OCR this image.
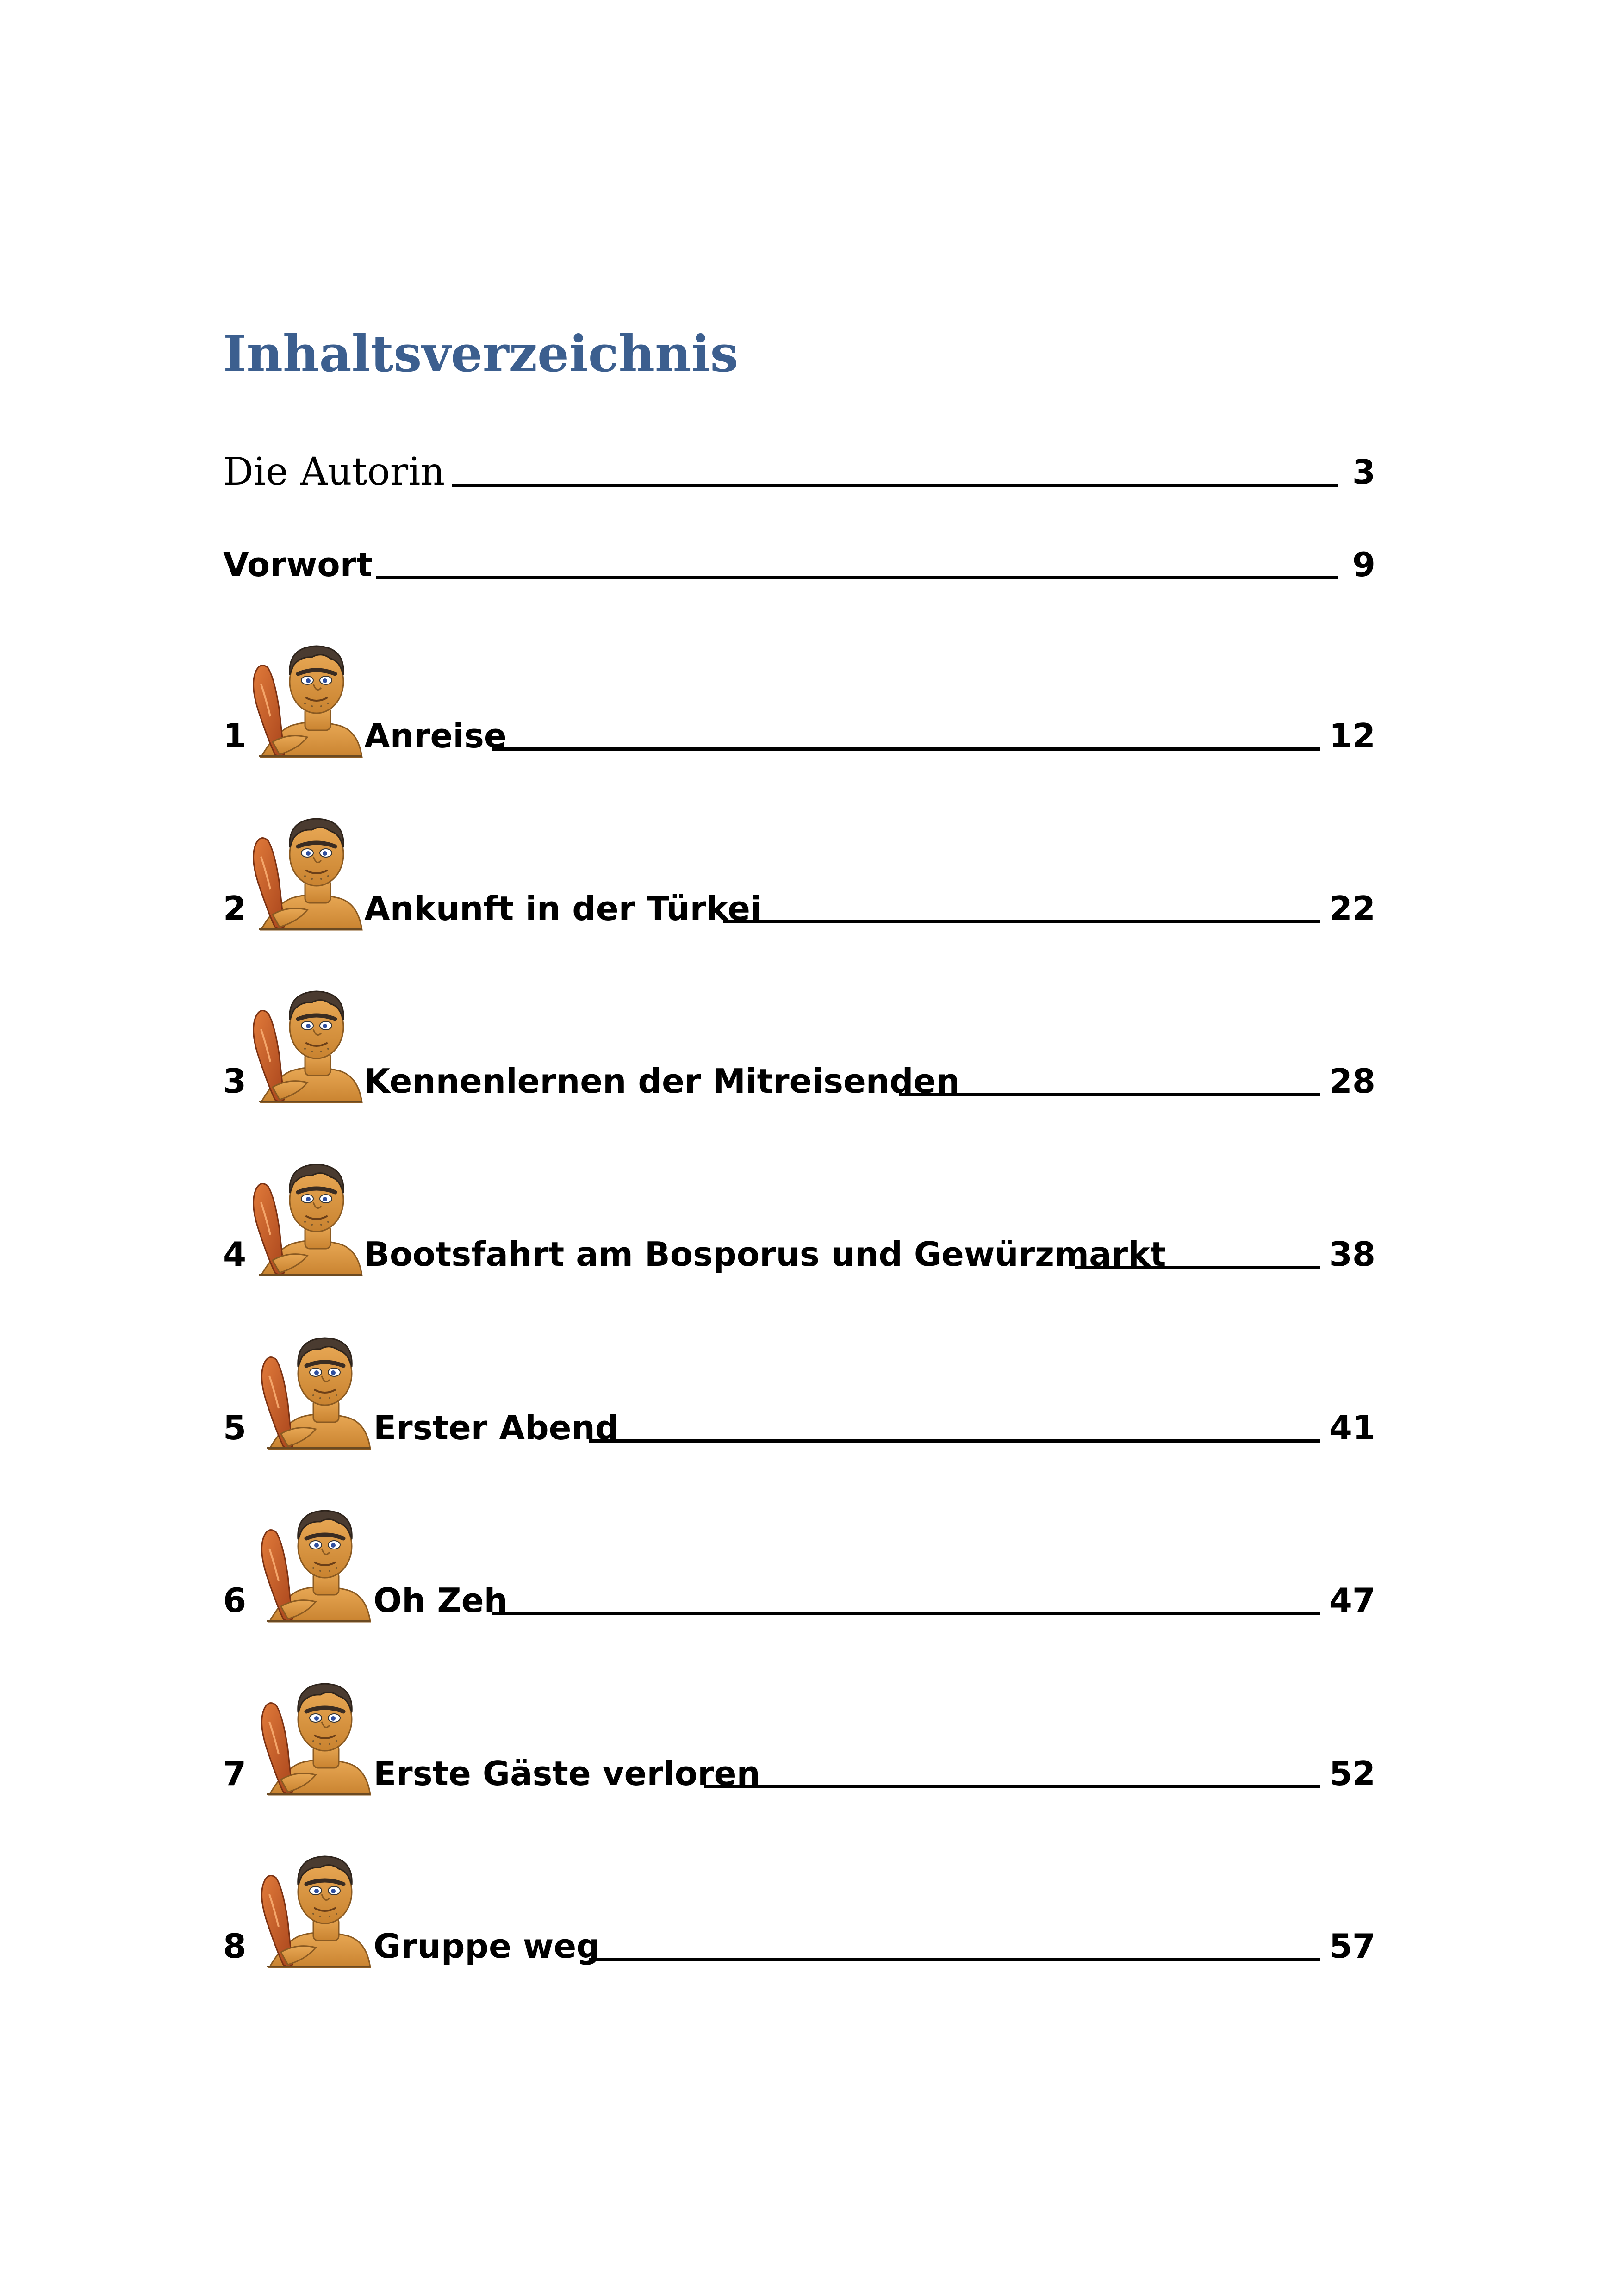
Inhaltsverzeichnis
Die Autorin	3
Vorwort	9
1	Anreise	12
2	Ankunft in der Türkei	22
3	Kennenlernen der Mitreisenden	28
4	Bootsfahrt am Bosporus und Gewürzmarkt	38
5	Erster Abend	41
6	Oh Zeh	47
7	Erste Gäste verloren	52
8	Gruppe weg	57
